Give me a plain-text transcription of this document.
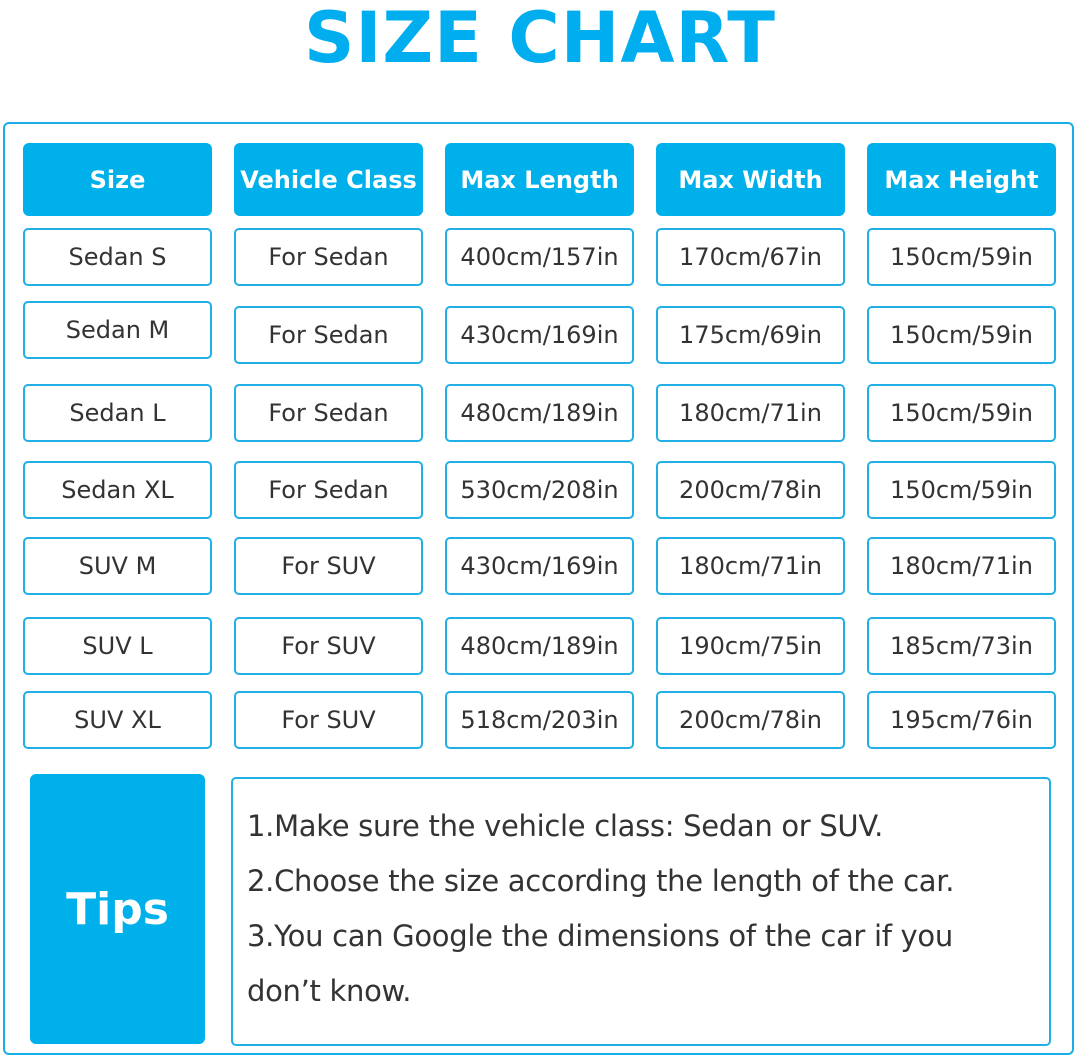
SIZE CHART
Size	Vehicle Class	Max Length	Max Width	Max Height
Sedan S	For Sedan	400cm/157in	170cm/67in	150cm/59in
Sedan M	For Sedan	430cm/169in	175cm/69in	150cm/59in
Sedan L	For Sedan	480cm/189in	180cm/71in	150cm/59in
Sedan XL	For Sedan	530cm/208in	200cm/78in	150cm/59in
SUV M	For SUV	430cm/169in	180cm/71in	180cm/71in
SUV L	For SUV	480cm/189in	190cm/75in	185cm/73in
SUV XL	For SUV	518cm/203in	200cm/78in	195cm/76in
Tips
1.Make sure the vehicle class: Sedan or SUV.
2.Choose the size according the length of the car.
3.You can Google the dimensions of the car if you don’t know.
